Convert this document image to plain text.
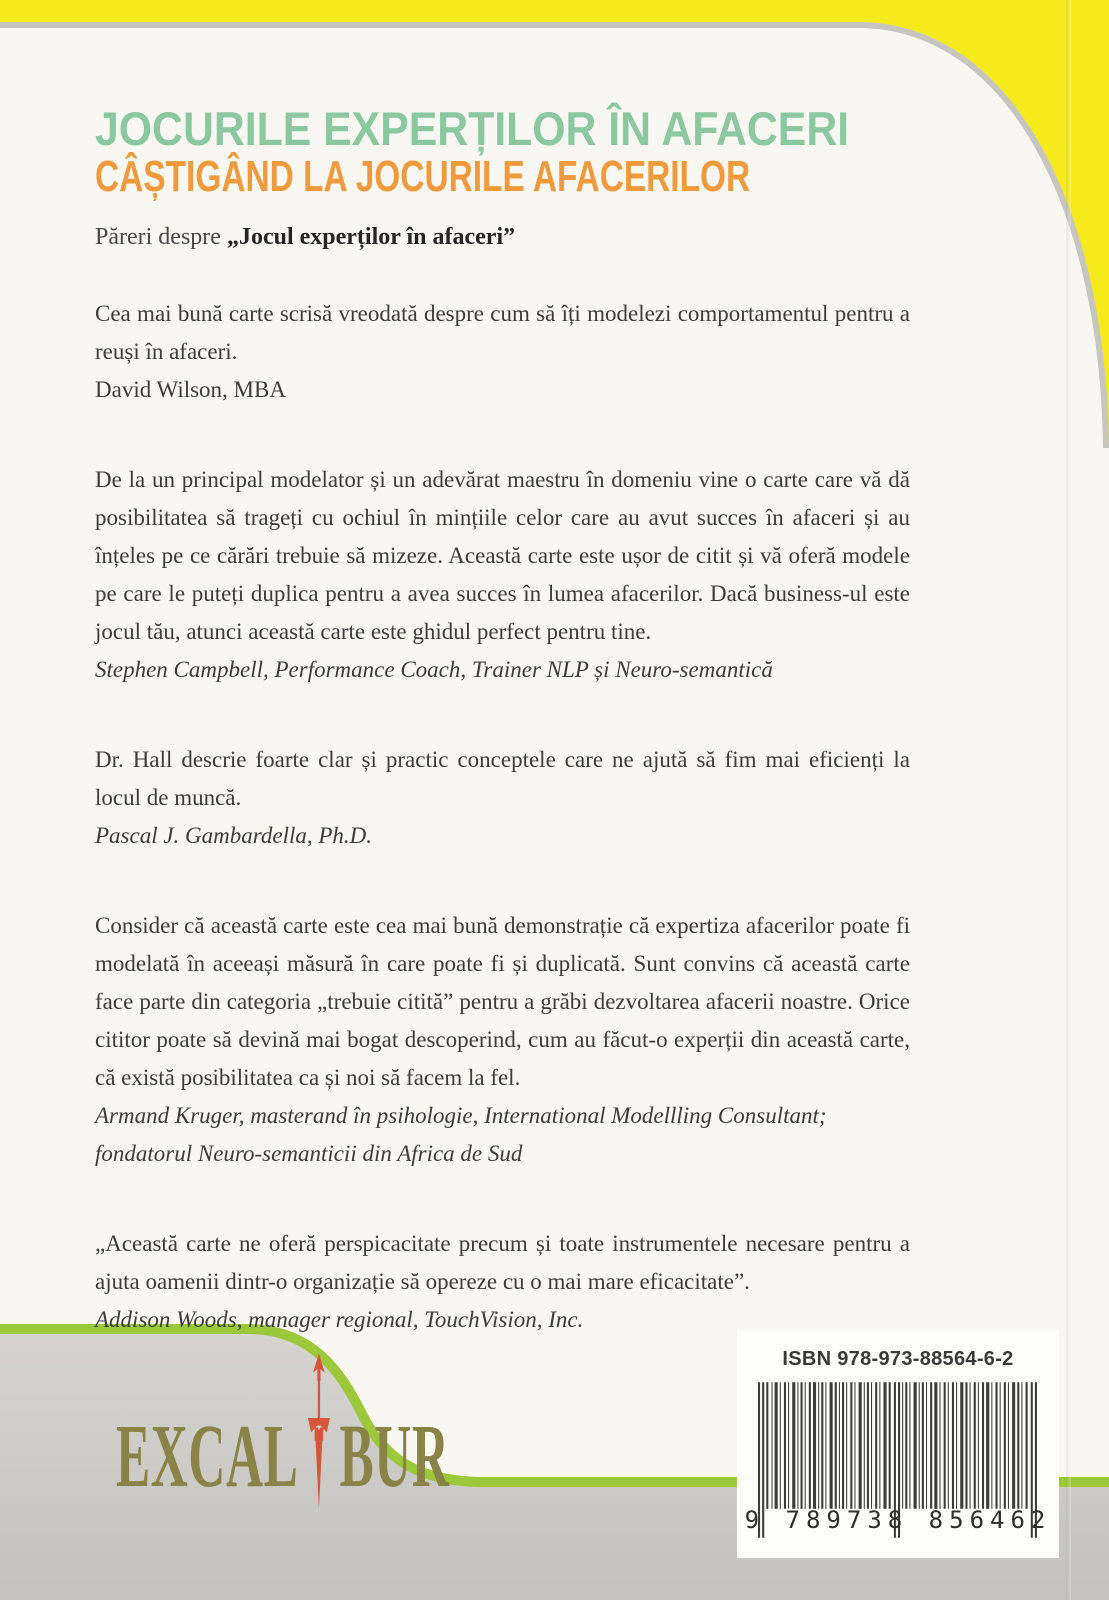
JOCURILE EXPERȚILOR ÎN AFACERI
CÂȘTIGÂND LA JOCURILE AFACERILOR

Păreri despre „Jocul experților în afaceri”

Cea mai bună carte scrisă vreodată despre cum să îți modelezi comportamentul pentru a reuși în afaceri.

David Wilson, MBA

De la un principal modelator și un adevărat maestru în domeniu vine o carte care vă dă posibilitatea să trageți cu ochiul în mințiile celor care au avut succes în afaceri și au înțeles pe ce cărări trebuie să mizeze. Această carte este ușor de citit și vă oferă modele pe care le puteți duplica pentru a avea succes în lumea afacerilor. Dacă business-ul este jocul tău, atunci această carte este ghidul perfect pentru tine.

Stephen Campbell, Performance Coach, Trainer NLP și Neuro-semantică

Dr. Hall descrie foarte clar și practic conceptele care ne ajută să fim mai eficienți la locul de muncă.

Pascal J. Gambardella, Ph.D.

Consider că această carte este cea mai bună demonstrație că expertiza afacerilor poate fi modelată în aceeași măsură în care poate fi și duplicată. Sunt convins că această carte face parte din categoria „trebuie citită” pentru a grăbi dezvoltarea afacerii noastre. Orice cititor poate să devină mai bogat descoperind, cum au făcut-o experții din această carte, că există posibilitatea ca și noi să facem la fel.

Armand Kruger, masterand în psihologie, International Modellling Consultant; fondatorul Neuro-semanticii din Africa de Sud

„Această carte ne oferă perspicacitate precum și toate instrumentele necesare pentru a ajuta oamenii dintr-o organizație să opereze cu o mai mare eficacitate”.

Addison Woods, manager regional, TouchVision, Inc.

EXCAL BUR
ISBN 978-973-88564-6-2
9 789738 856462
